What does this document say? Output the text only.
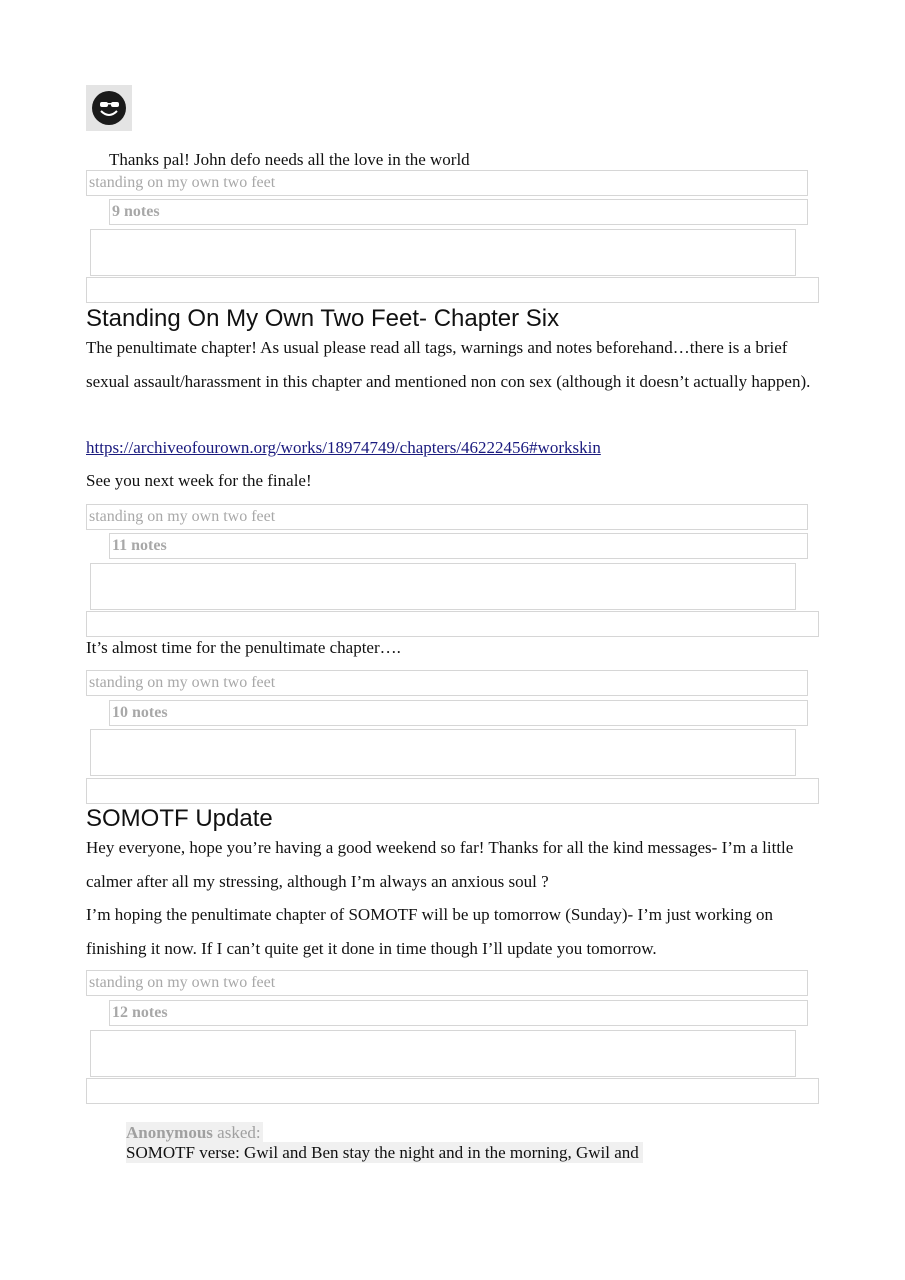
Thanks pal! John defo needs all the love in the world
standing on my own two feet
9 notes
Standing On My Own Two Feet- Chapter Six
The penultimate chapter! As usual please read all tags, warnings and notes beforehand…there is a brief sexual assault/harassment in this chapter and mentioned non con sex (although it doesn’t actually happen).
https://archiveofourown.org/works/18974749/chapters/46222456#workskin
See you next week for the finale!
standing on my own two feet
11 notes
It’s almost time for the penultimate chapter….
standing on my own two feet
10 notes
SOMOTF Update
Hey everyone, hope you’re having a good weekend so far! Thanks for all the kind messages- I’m a little calmer after all my stressing, although I’m always an anxious soul ?
I’m hoping the penultimate chapter of SOMOTF will be up tomorrow (Sunday)- I’m just working on finishing it now. If I can’t quite get it done in time though I’ll update you tomorrow.
standing on my own two feet
12 notes
Anonymous asked:
SOMOTF verse: Gwil and Ben stay the night and in the morning, Gwil and
